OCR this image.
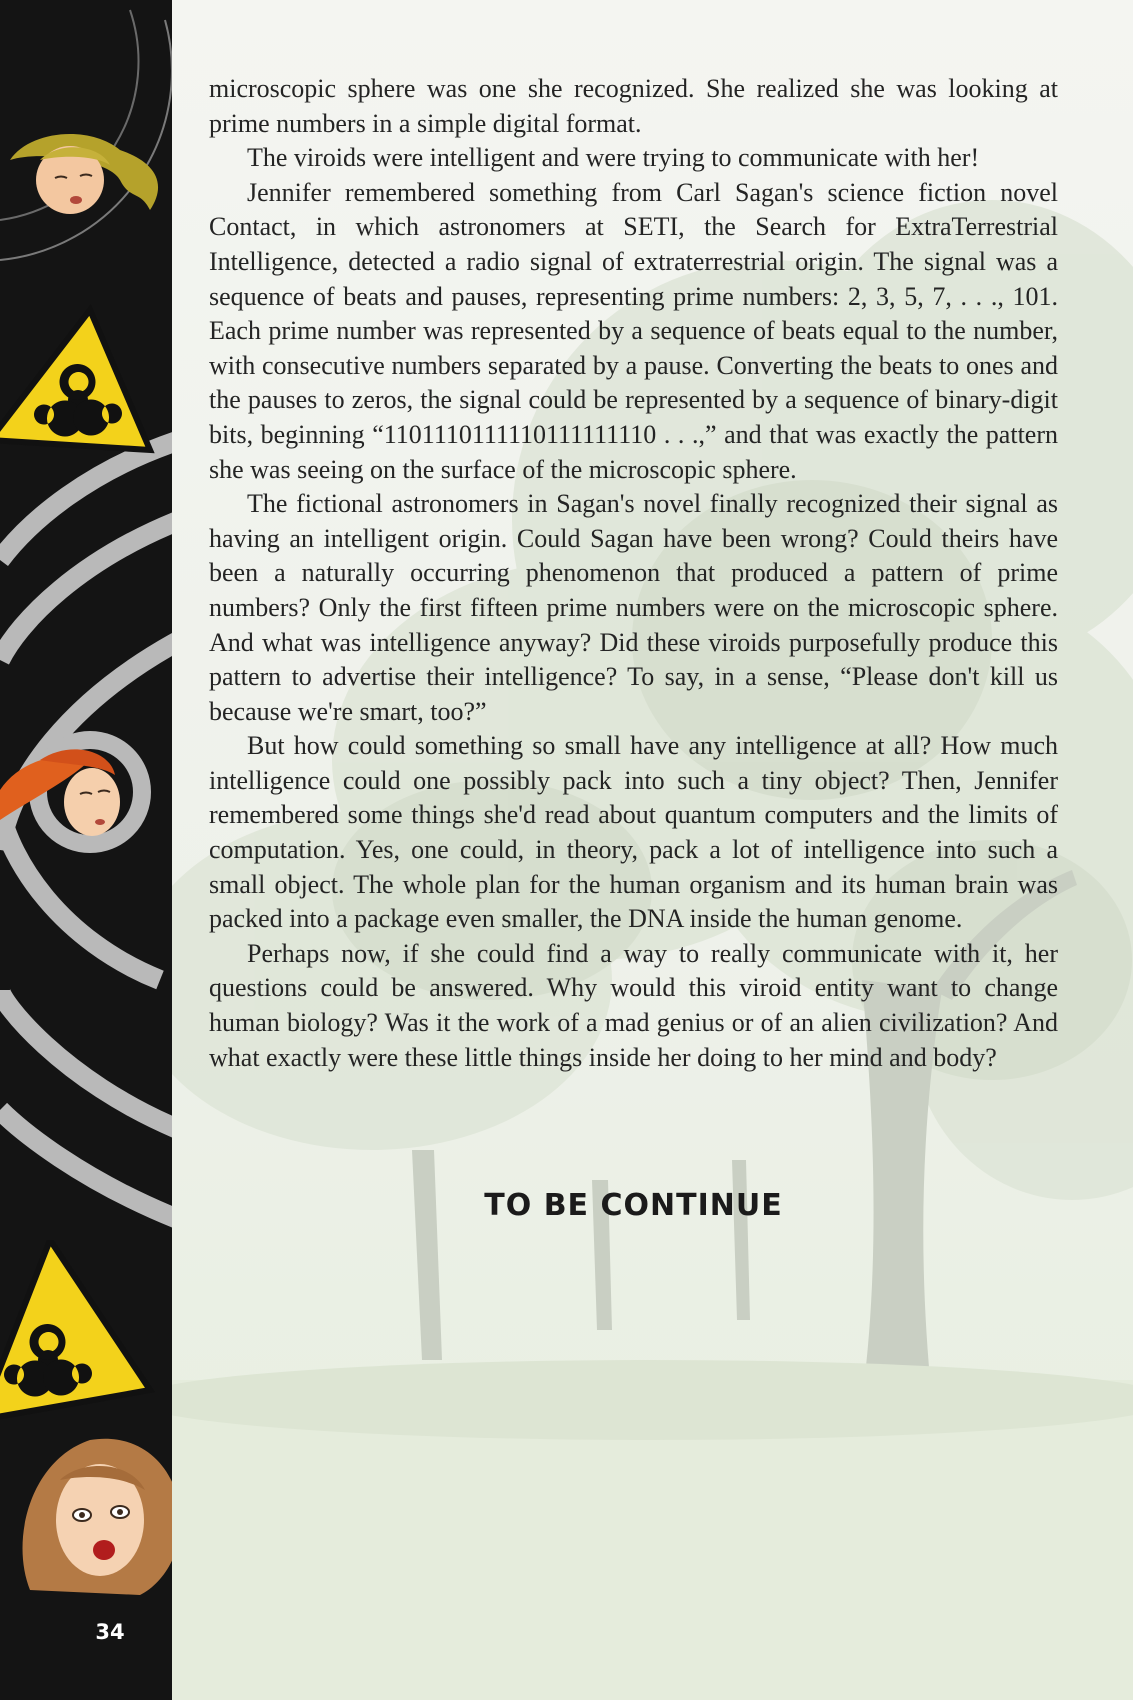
34

microscopic sphere was one she recognized. She realized she was looking at prime numbers in a simple digital format.

The viroids were intelligent and were trying to communicate with her!

Jennifer remembered something from Carl Sagan's science fiction novel Contact, in which astronomers at SETI, the Search for ExtraTerrestrial Intelligence, detected a radio signal of extraterrestrial origin. The signal was a sequence of beats and pauses, representing prime numbers: 2, 3, 5, 7, . . ., 101. Each prime number was represented by a sequence of beats equal to the number, with consecutive numbers separated by a pause. Converting the beats to ones and the pauses to zeros, the signal could be represented by a sequence of binary-digit bits, beginning “1101110111110111111110 . . .,” and that was exactly the pattern she was seeing on the surface of the microscopic sphere.

The fictional astronomers in Sagan's novel finally recognized their signal as having an intelligent origin. Could Sagan have been wrong? Could theirs have been a naturally occurring phenomenon that produced a pattern of prime numbers? Only the first fifteen prime numbers were on the microscopic sphere. And what was intelligence anyway? Did these viroids purposefully produce this pattern to advertise their intelligence? To say, in a sense, “Please don't kill us because we're smart, too?”

But how could something so small have any intelligence at all? How much intelligence could one possibly pack into such a tiny object? Then, Jennifer remembered some things she'd read about quantum computers and the limits of computation. Yes, one could, in theory, pack a lot of intelligence into such a small object. The whole plan for the human organism and its human brain was packed into a package even smaller, the DNA inside the human genome.

Perhaps now, if she could find a way to really communicate with it, her questions could be answered. Why would this viroid entity want to change human biology? Was it the work of a mad genius or of an alien civilization? And what exactly were these little things inside her doing to her mind and body?

TO BE CONTINUE
